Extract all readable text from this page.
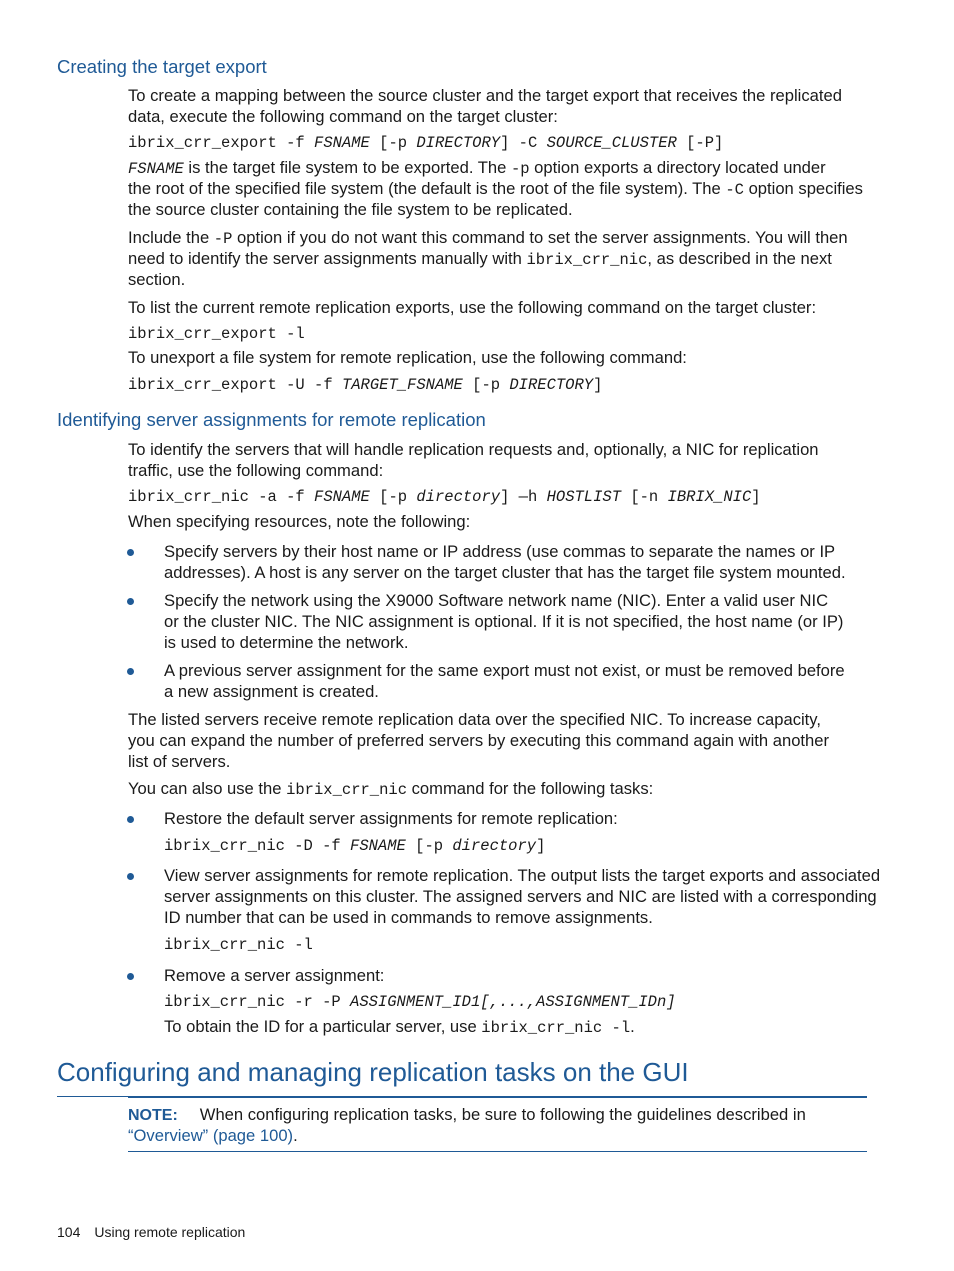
Creating the target export

To create a mapping between the source cluster and the target export that receives the replicated

data, execute the following command on the target cluster:

ibrix_crr_export -f FSNAME [-p DIRECTORY] -C SOURCE_CLUSTER [-P]

FSNAME is the target file system to be exported. The -p option exports a directory located under

the root of the specified file system (the default is the root of the file system). The -C option specifies

the source cluster containing the file system to be replicated.

Include the -P option if you do not want this command to set the server assignments. You will then

need to identify the server assignments manually with ibrix_crr_nic, as described in the next

section.

To list the current remote replication exports, use the following command on the target cluster:

ibrix_crr_export -l

To unexport a file system for remote replication, use the following command:

ibrix_crr_export -U -f TARGET_FSNAME [-p DIRECTORY]

Identifying server assignments for remote replication

To identify the servers that will handle replication requests and, optionally, a NIC for replication

traffic, use the following command:

ibrix_crr_nic -a -f FSNAME [-p directory] —h HOSTLIST [-n IBRIX_NIC]

When specifying resources, note the following:

Specify servers by their host name or IP address (use commas to separate the names or IP

addresses). A host is any server on the target cluster that has the target file system mounted.

Specify the network using the X9000 Software network name (NIC). Enter a valid user NIC

or the cluster NIC. The NIC assignment is optional. If it is not specified, the host name (or IP)

is used to determine the network.

A previous server assignment for the same export must not exist, or must be removed before

a new assignment is created.

The listed servers receive remote replication data over the specified NIC. To increase capacity,

you can expand the number of preferred servers by executing this command again with another

list of servers.

You can also use the ibrix_crr_nic command for the following tasks:

Restore the default server assignments for remote replication:

ibrix_crr_nic -D -f FSNAME [-p directory]

View server assignments for remote replication. The output lists the target exports and associated

server assignments on this cluster. The assigned servers and NIC are listed with a corresponding

ID number that can be used in commands to remove assignments.

ibrix_crr_nic -l

Remove a server assignment:

ibrix_crr_nic -r -P ASSIGNMENT_ID1[,...,ASSIGNMENT_IDn]

To obtain the ID for a particular server, use ibrix_crr_nic -l.

Configuring and managing replication tasks on the GUI

NOTE: When configuring replication tasks, be sure to following the guidelines described in

“Overview” (page 100).

104 Using remote replication
